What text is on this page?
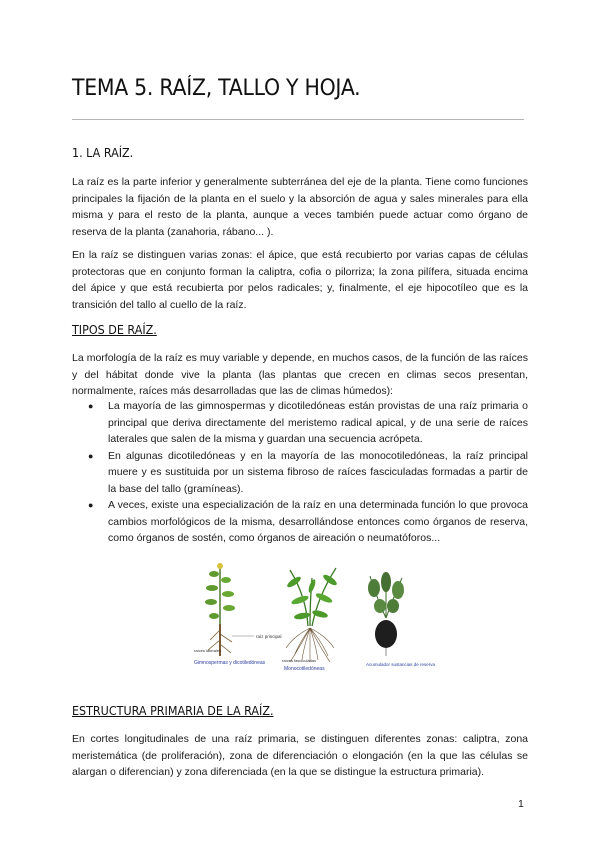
TEMA 5. RAÍZ, TALLO Y HOJA.
1. LA RAÍZ.

La raíz es la parte inferior y generalmente subterránea del eje de la planta. Tiene como funciones principales la fijación de la planta en el suelo y la absorción de agua y sales minerales para ella misma y para el resto de la planta, aunque a veces también puede actuar como órgano de reserva de la planta (zanahoria, rábano... ).

En la raíz se distinguen varias zonas: el ápice, que está recubierto por varias capas de células protectoras que en conjunto forman la caliptra, cofia o pilorriza; la zona pilífera, situada encima del ápice y que está recubierta por pelos radicales; y, finalmente, el eje hipocotíleo que es la transición del tallo al cuello de la raíz.

TIPOS DE RAÍZ.

La morfología de la raíz es muy variable y depende, en muchos casos, de la función de las raíces y del hábitat donde vive la planta (las plantas que crecen en climas secos presentan, normalmente, raíces más desarrolladas que las de climas húmedos):

● La mayoría de las gimnospermas y dicotiledóneas están provistas de una raíz primaria o principal que deriva directamente del meristemo radical apical, y de una serie de raíces laterales que salen de la misma y guardan una secuencia acrópeta.
● En algunas dicotiledóneas y en la mayoría de las monocotiledóneas, la raíz principal muere y es sustituida por un sistema fibroso de raíces fasciculadas formadas a partir de la base del tallo (gramíneas).
● A veces, existe una especialización de la raíz en una determinada función lo que provoca cambios morfológicos de la misma, desarrollándose entonces como órganos de reserva, como órganos de sostén, como órganos de aireación o neumatóforos...
raíz principal
raíces laterales
Gimnospermas y dicotiledóneas	raíces fasciculadas
Monocotiledóneas
Acumulador sustancias de reserva
ESTRUCTURA PRIMARIA DE LA RAÍZ.

En cortes longitudinales de una raíz primaria, se distinguen diferentes zonas: caliptra, zona meristemática (de proliferación), zona de diferenciación o elongación (en la que las células se alargan o diferencian) y zona diferenciada (en la que se distingue la estructura primaria).

1
